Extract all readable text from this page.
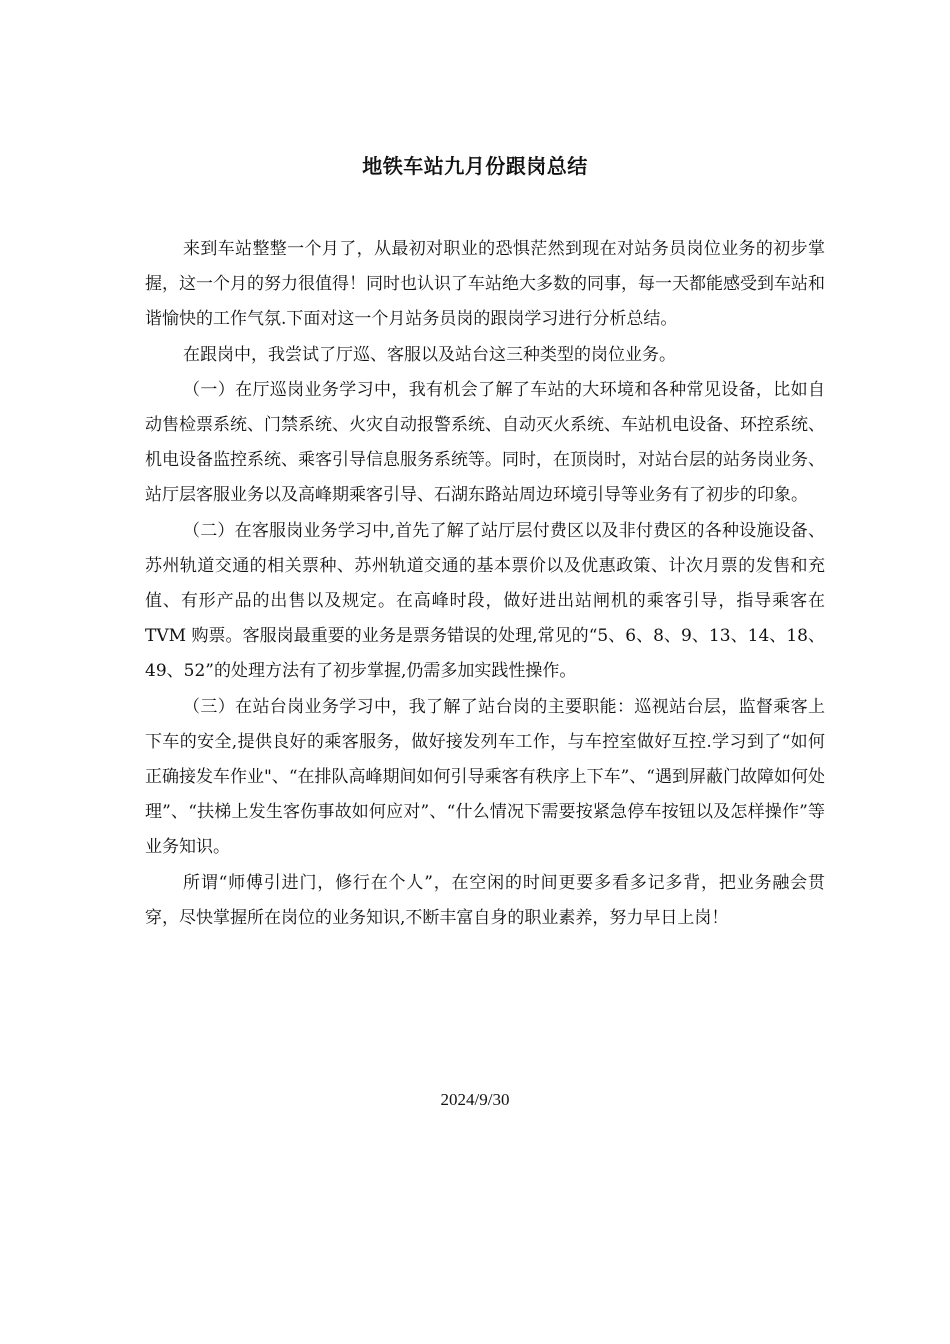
地铁车站九月份跟岗总结

来到车站整整一个月了，从最初对职业的恐惧茫然到现在对站务员岗位业务的初步掌握，这一个月的努力很值得！同时也认识了车站绝大多数的同事，每一天都能感受到车站和谐愉快的工作气氛.下面对这一个月站务员岗的跟岗学习进行分析总结。

在跟岗中，我尝试了厅巡、客服以及站台这三种类型的岗位业务。

（一）在厅巡岗业务学习中，我有机会了解了车站的大环境和各种常见设备，比如自动售检票系统、门禁系统、火灾自动报警系统、自动灭火系统、车站机电设备、环控系统、机电设备监控系统、乘客引导信息服务系统等。同时，在顶岗时，对站台层的站务岗业务、站厅层客服业务以及高峰期乘客引导、石湖东路站周边环境引导等业务有了初步的印象。

（二）在客服岗业务学习中,首先了解了站厅层付费区以及非付费区的各种设施设备、苏州轨道交通的相关票种、苏州轨道交通的基本票价以及优惠政策、计次月票的发售和充值、有形产品的出售以及规定。在高峰时段，做好进出站闸机的乘客引导，指导乘客在 TVM 购票。客服岗最重要的业务是票务错误的处理,常见的“5、6、8、9、13、14、18、49、52”的处理方法有了初步掌握,仍需多加实践性操作。

（三）在站台岗业务学习中，我了解了站台岗的主要职能：巡视站台层，监督乘客上下车的安全,提供良好的乘客服务，做好接发列车工作，与车控室做好互控.学习到了“如何正确接发车作业"、“在排队高峰期间如何引导乘客有秩序上下车”、“遇到屏蔽门故障如何处理”、“扶梯上发生客伤事故如何应对”、“什么情况下需要按紧急停车按钮以及怎样操作”等业务知识。

所谓“师傅引进门，修行在个人”，在空闲的时间更要多看多记多背，把业务融会贯穿，尽快掌握所在岗位的业务知识,不断丰富自身的职业素养，努力早日上岗！

2024/9/30
